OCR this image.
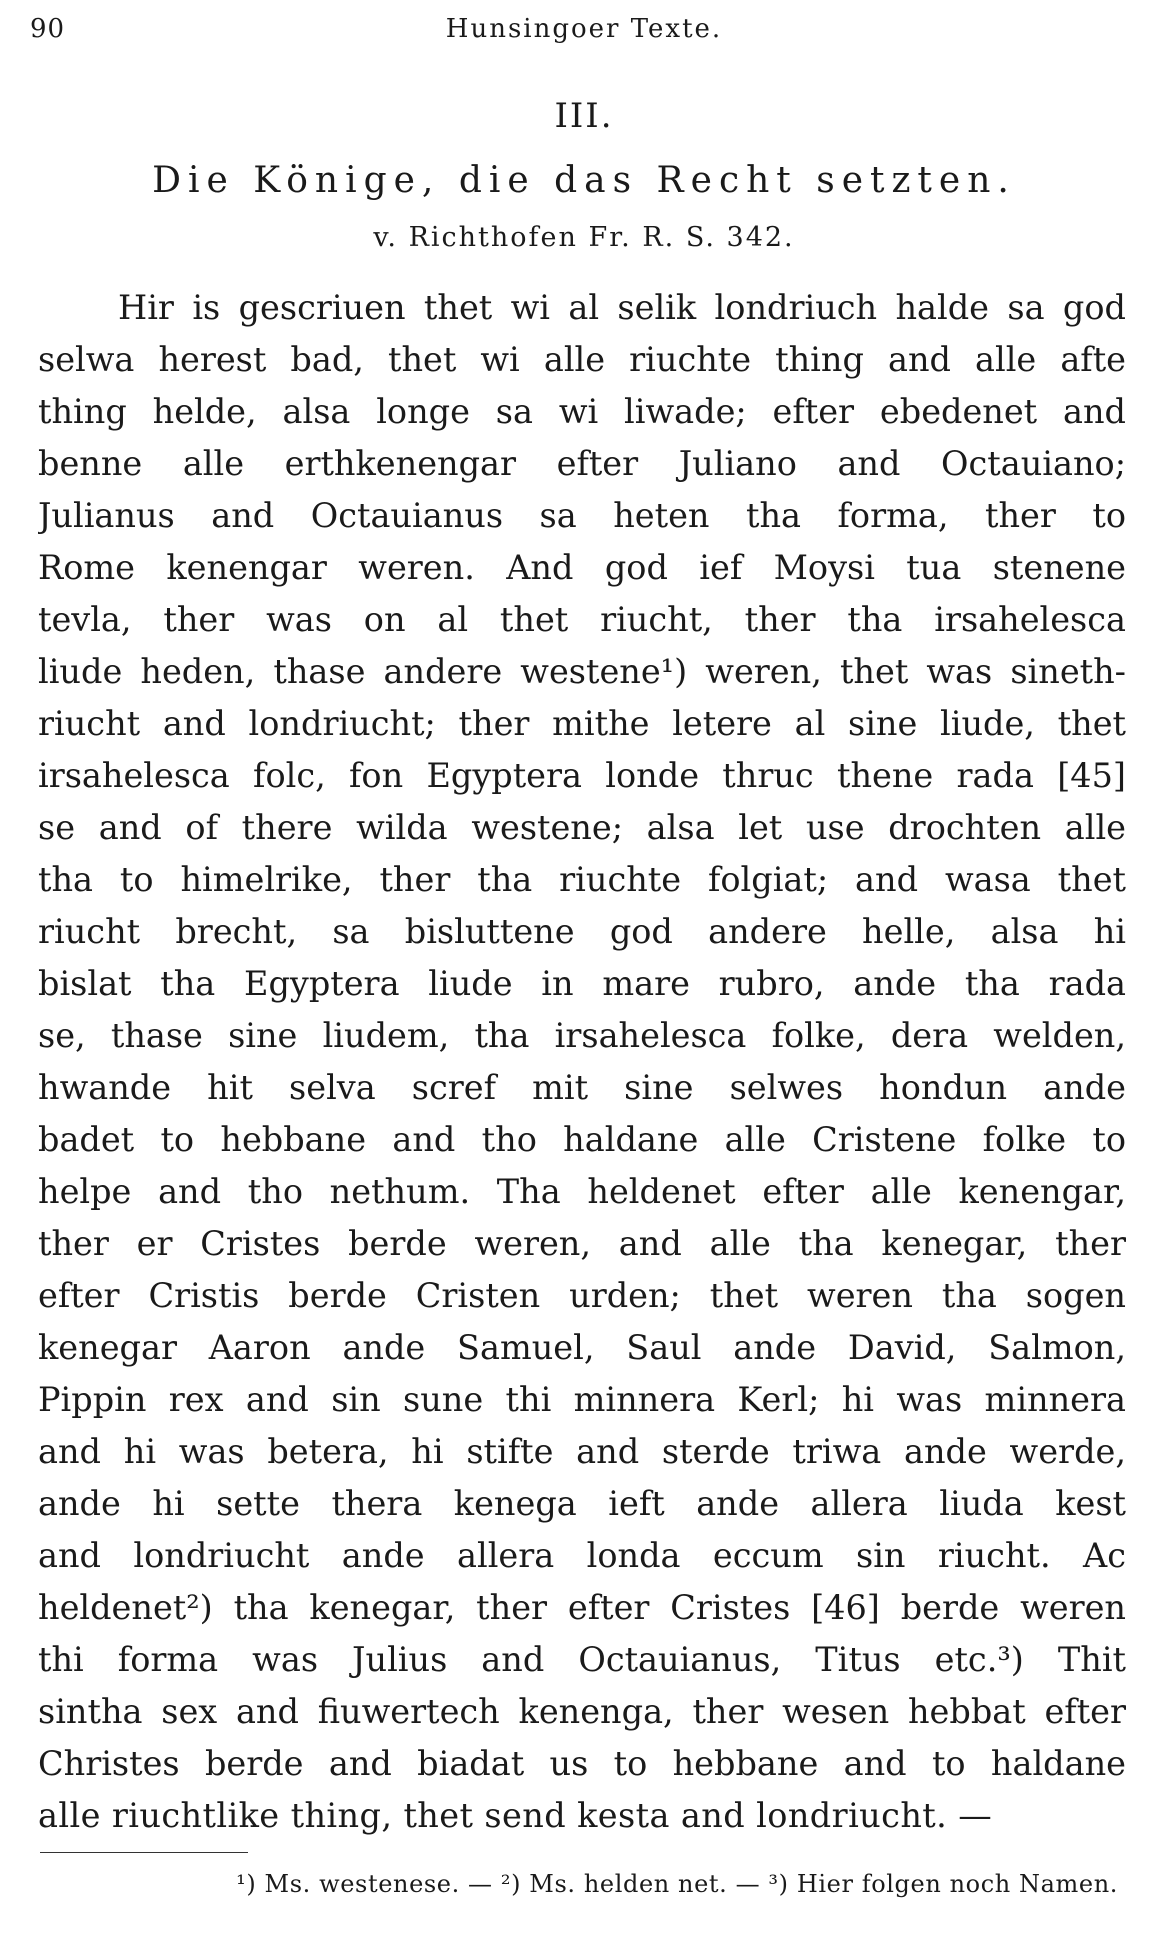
90	Hunsingoer Texte.
III.
Die Könige, die das Recht setzten.
v. Richthofen Fr. R. S. 342.
Hir is gescriuen thet wi al selik londriuch halde sa god
selwa herest bad, thet wi alle riuchte thing and alle afte
thing helde, alsa longe sa wi liwade; efter ebedenet and
benne alle erthkenengar efter Juliano and Octauiano;
Julianus and Octauianus sa heten tha forma, ther to
Rome kenengar weren. And god ief Moysi tua stenene
tevla, ther was on al thet riucht, ther tha irsahelesca
liude heden, thase andere westene¹) weren, thet was sineth-
riucht and londriucht; ther mithe letere al sine liude, thet
irsahelesca folc, fon Egyptera londe thruc thene rada [45]
se and of there wilda westene; alsa let use drochten alle
tha to himelrike, ther tha riuchte folgiat; and wasa thet
riucht brecht, sa bisluttene god andere helle, alsa hi
bislat tha Egyptera liude in mare rubro, ande tha rada
se, thase sine liudem, tha irsahelesca folke, dera welden,
hwande hit selva scref mit sine selwes hondun ande
badet to hebbane and tho haldane alle Cristene folke to
helpe and tho nethum. Tha heldenet efter alle kenengar,
ther er Cristes berde weren, and alle tha kenegar, ther
efter Cristis berde Cristen urden; thet weren tha sogen
kenegar Aaron ande Samuel, Saul ande David, Salmon,
Pippin rex and sin sune thi minnera Kerl; hi was minnera
and hi was betera, hi stifte and sterde triwa ande werde,
ande hi sette thera kenega ieft ande allera liuda kest
and londriucht ande allera londa eccum sin riucht. Ac
heldenet²) tha kenegar, ther efter Cristes [46] berde weren
thi forma was Julius and Octauianus, Titus etc.³) Thit
sintha sex and fiuwertech kenenga, ther wesen hebbat efter
Christes berde and biadat us to hebbane and to haldane
alle riuchtlike thing, thet send kesta and londriucht. —
¹) Ms. westenese. — ²) Ms. helden net. — ³) Hier folgen noch Namen.
